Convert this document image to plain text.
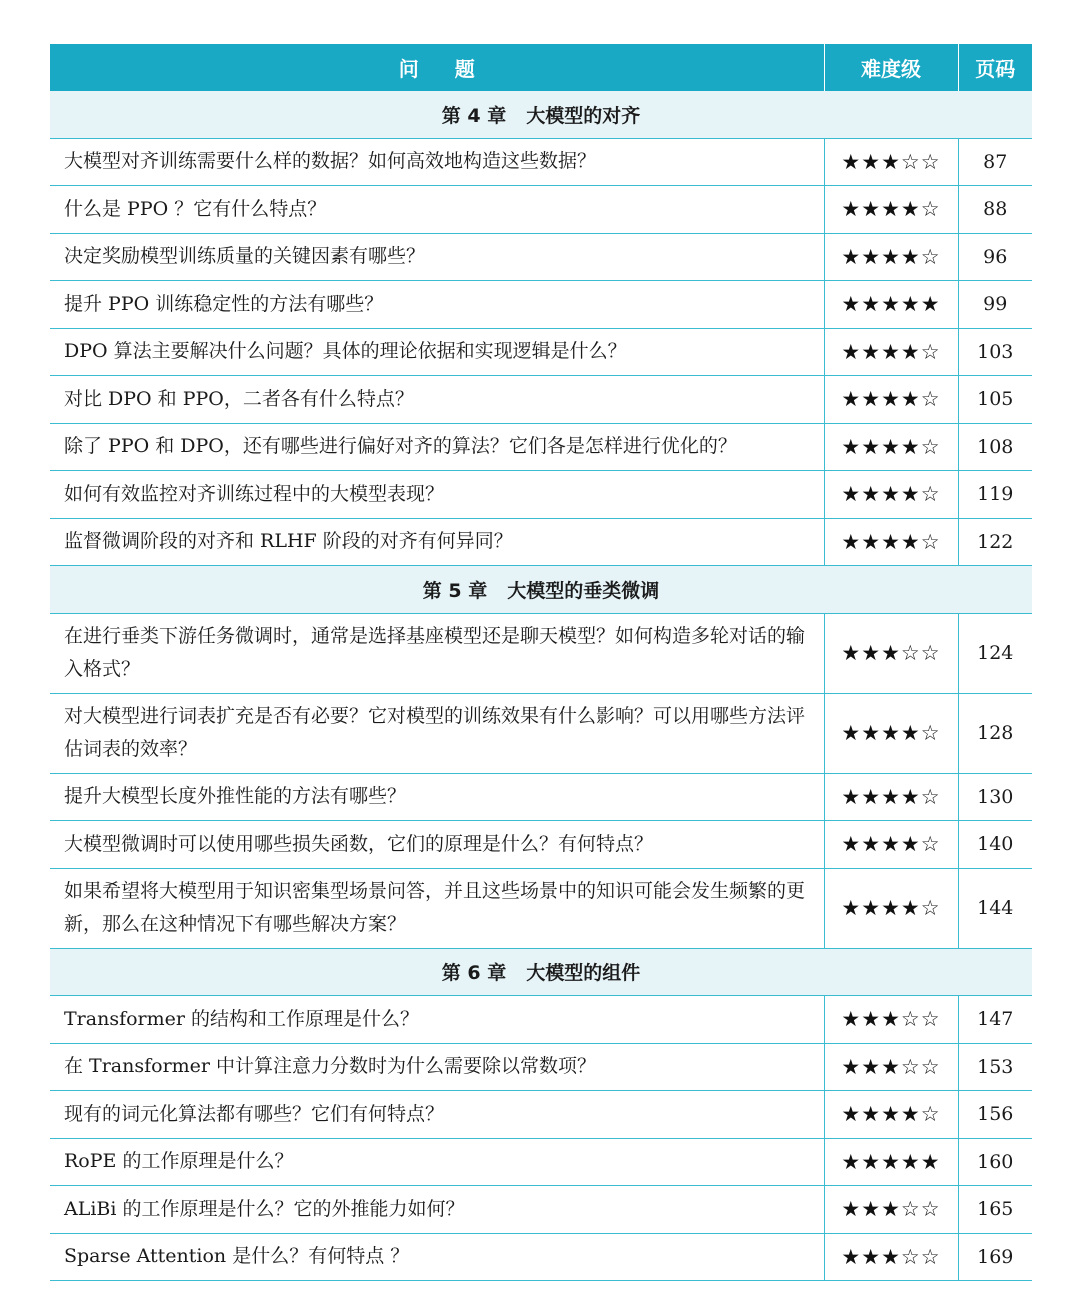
问 题	难度级	页码
第 4 章 大模型的对齐		
大模型对齐训练需要什么样的数据？如何高效地构造这些数据？	★★★☆☆	87
什么是 PPO ？它有什么特点？	★★★★☆	88
决定奖励模型训练质量的关键因素有哪些？	★★★★☆	96
提升 PPO 训练稳定性的方法有哪些？	★★★★★	99
DPO 算法主要解决什么问题？具体的理论依据和实现逻辑是什么？	★★★★☆	103
对比 DPO 和 PPO，二者各有什么特点？	★★★★☆	105
除了 PPO 和 DPO，还有哪些进行偏好对齐的算法？它们各是怎样进行优化的？	★★★★☆	108
如何有效监控对齐训练过程中的大模型表现？	★★★★☆	119
监督微调阶段的对齐和 RLHF 阶段的对齐有何异同？	★★★★☆	122
第 5 章 大模型的垂类微调		
在进行垂类下游任务微调时，通常是选择基座模型还是聊天模型？如何构造多轮对话的输入格式？	★★★☆☆	124
对大模型进行词表扩充是否有必要？它对模型的训练效果有什么影响？可以用哪些方法评估词表的效率？	★★★★☆	128
提升大模型长度外推性能的方法有哪些？	★★★★☆	130
大模型微调时可以使用哪些损失函数，它们的原理是什么？有何特点？	★★★★☆	140
如果希望将大模型用于知识密集型场景问答，并且这些场景中的知识可能会发生频繁的更新，那么在这种情况下有哪些解决方案？	★★★★☆	144
第 6 章 大模型的组件		
Transformer 的结构和工作原理是什么？	★★★☆☆	147
在 Transformer 中计算注意力分数时为什么需要除以常数项？	★★★☆☆	153
现有的词元化算法都有哪些？它们有何特点？	★★★★☆	156
RoPE 的工作原理是什么？	★★★★★	160
ALiBi 的工作原理是什么？它的外推能力如何？	★★★☆☆	165
Sparse Attention 是什么？有何特点 ？	★★★☆☆	169
